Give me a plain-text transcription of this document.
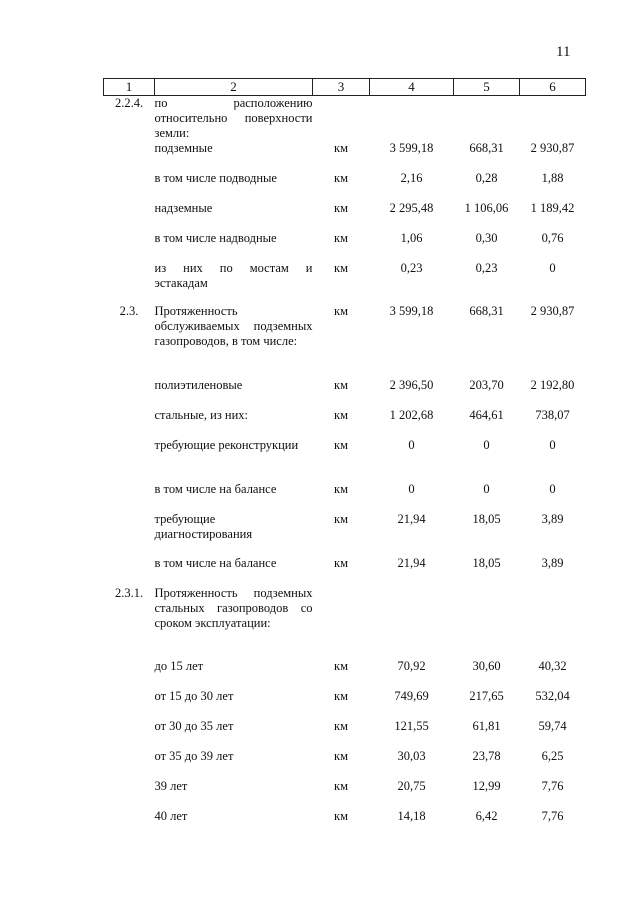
11
1	2	3	4	5	6
2.2.4.	по расположению относительно поверхности земли:				
	подземные	км	3 599,18	668,31	2 930,87
	в том числе подводные	км	2,16	0,28	1,88
	надземные	км	2 295,48	1 106,06	1 189,42
	в том числе надводные	км	1,06	0,30	0,76
	из них по мостам и эстакадам	км	0,23	0,23	0
2.3.	Протяженность обслуживаемых подземных газопроводов, в том числе:	км	3 599,18	668,31	2 930,87
	полиэтиленовые	км	2 396,50	203,70	2 192,80
	стальные, из них:	км	1 202,68	464,61	738,07
	требующие реконструкции	км	0	0	0
	в том числе на балансе	км	0	0	0
	требующие диагностирования	км	21,94	18,05	3,89
	в том числе на балансе	км	21,94	18,05	3,89
2.3.1.	Протяженность подземных стальных газопроводов со сроком эксплуатации:				
	до 15 лет	км	70,92	30,60	40,32
	от 15 до 30 лет	км	749,69	217,65	532,04
	от 30 до 35 лет	км	121,55	61,81	59,74
	от 35 до 39 лет	км	30,03	23,78	6,25
	39 лет	км	20,75	12,99	7,76
	40 лет	км	14,18	6,42	7,76
